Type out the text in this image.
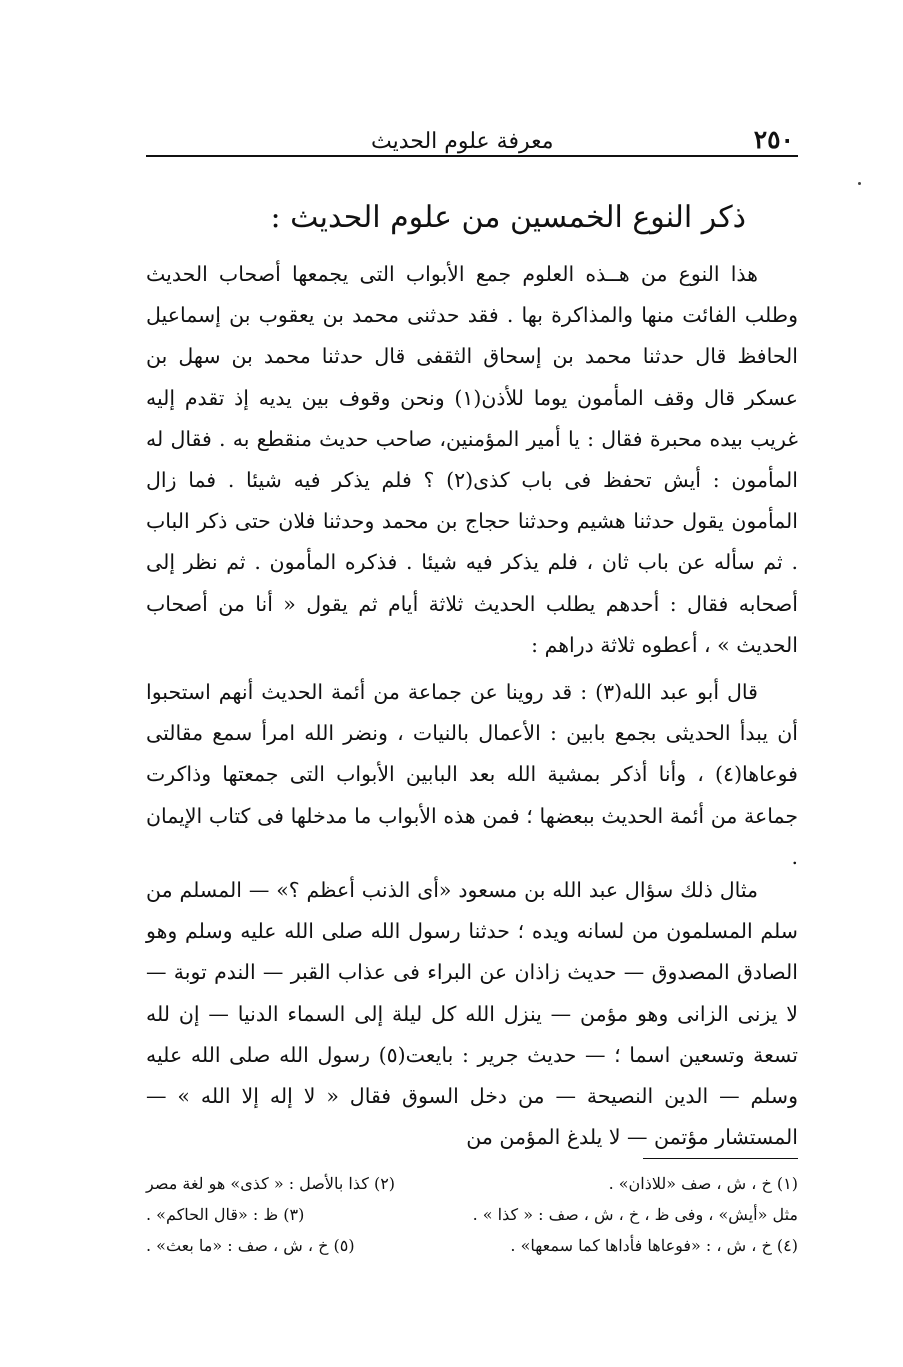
٢٥٠
معرفة علوم الحديث
ذكر النوع الخمسين من علوم الحديث :
هذا النوع من هــذه العلوم جمع الأبواب التى يجمعها أصحاب الحديث وطلب الفائت منها والمذاكرة بها . فقد حدثنى محمد بن يعقوب بن إسماعيل الحافظ قال حدثنا محمد بن إسحاق الثقفى قال حدثنا محمد بن سهل بن عسكر قال وقف المأمون يوما للأذن(١) ونحن وقوف بين يديه إذ تقدم إليه غريب بيده محبرة فقال : يا أمير المؤمنين، صاحب حديث منقطع به . فقال له المأمون : أيش تحفظ فى باب كذى(٢) ؟ فلم يذكر فيه شيئا . فما زال المأمون يقول حدثنا هشيم وحدثنا حجاج بن محمد وحدثنا فلان حتى ذكر الباب . ثم سأله عن باب ثان ، فلم يذكر فيه شيئا . فذكره المأمون . ثم نظر إلى أصحابه فقال : أحدهم يطلب الحديث ثلاثة أيام ثم يقول « أنا من أصحاب الحديث » ، أعطوه ثلاثة دراهم :
قال أبو عبد الله(٣) : قد روينا عن جماعة من أئمة الحديث أنهم استحبوا أن يبدأ الحديثى بجمع بابين : الأعمال بالنيات ، ونضر الله امرأ سمع مقالتى فوعاها(٤) ، وأنا أذكر بمشية الله بعد البابين الأبواب التى جمعتها وذاكرت جماعة من أئمة الحديث ببعضها ؛ فمن هذه الأبواب ما مدخلها فى كتاب الإيمان .
مثال ذلك سؤال عبد الله بن مسعود «أى الذنب أعظم ؟» — المسلم من سلم المسلمون من لسانه ويده ؛ حدثنا رسول الله صلى الله عليه وسلم وهو الصادق المصدوق — حديث زاذان عن البراء فى عذاب القبر — الندم توبة — لا يزنى الزانى وهو مؤمن — ينزل الله كل ليلة إلى السماء الدنيا — إن لله تسعة وتسعين اسما ؛ — حديث جرير : بايعت(٥) رسول الله صلى الله عليه وسلم — الدين النصيحة — من دخل السوق فقال « لا إله إلا الله » — المستشار مؤتمن — لا يلدغ المؤمن من
(١) خ ، ش ، صف «للاذان» .
(٢) كذا بالأصل : « كذى» هو لغة مصر
مثل «أيش» ، وفى ظ ، خ ، ش ، صف : « كذا » .
(٣) ظ : «قال الحاكم» .
(٤) خ ، ش ، : «فوعاها فأداها كما سمعها» .
(٥) خ ، ش ، صف : «ما بعث» .
